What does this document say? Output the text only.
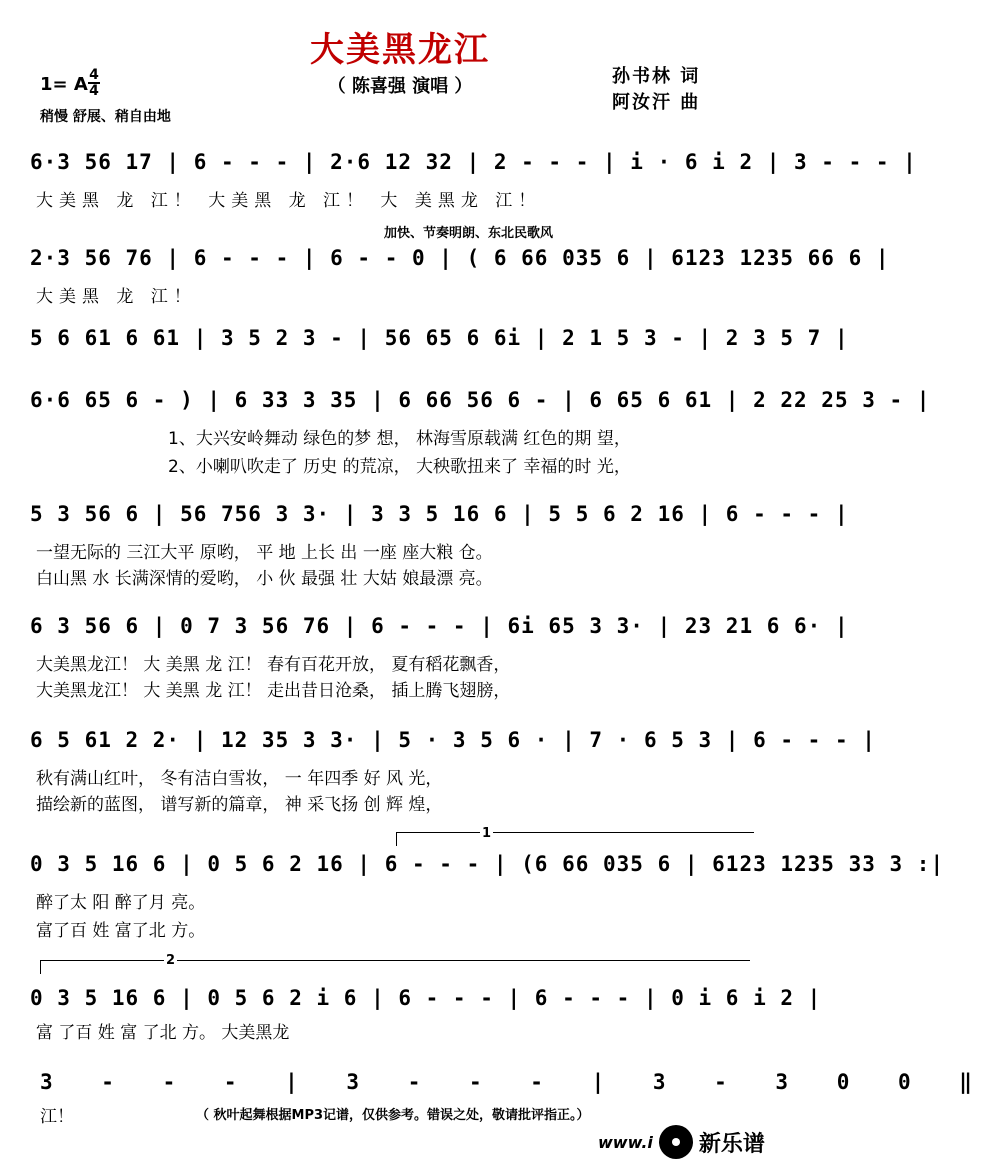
大美黑龙江
（ 陈喜强 演唱 ）	孙书林 词
阿汝汗 曲
1= A 4
4
稍慢 舒展、稍自由地
6·3 56 17 | 6 - - - | 2·6 12 32 | 2 - - - | i · 6 i 2 | 3 - - - |
大美黑 龙 江！ 大美黑 龙 江！ 大 美黑龙 江！
加快、节奏明朗、东北民歌风
2·3 56 76 | 6 - - - | 6 - - 0 | ( 6 66 035 6 | 6123 1235 66 6 |
大美黑 龙 江！
5 6 61 6 61 | 3 5 2 3 - | 56 65 6 6i | 2 1 5 3 - | 2 3 5 7 |
6·6 65 6 - ) | 6 33 3 35 | 6 66 56 6 - | 6 65 6 61 | 2 22 25 3 - |
1、大兴安岭舞动 绿色的梦 想， 林海雪原载满 红色的期 望，
2、小喇叭吹走了 历史 的荒凉， 大秧歌扭来了 幸福的时 光，
5 3 56 6 | 56 756 3 3· | 3 3 5 16 6 | 5 5 6 2 16 | 6 - - - |
一望无际的 三江大平 原哟， 平 地 上长 出 一座 座大粮 仓。
白山黑 水 长满深情的爱哟， 小 伙 最强 壮 大姑 娘最漂 亮。
6 3 56 6 | 0 7 3 56 76 | 6 - - - | 6i 65 3 3· | 23 21 6 6· |
大美黑龙江！ 大 美黑 龙 江！ 春有百花开放， 夏有稻花飘香，
大美黑龙江！ 大 美黑 龙 江！ 走出昔日沧桑， 插上腾飞翅膀，
6 5 61 2 2· | 12 35 3 3· | 5 · 3 5 6 · | 7 · 6 5 3 | 6 - - - |
秋有满山红叶， 冬有洁白雪妆， 一 年四季 好 风 光，
描绘新的蓝图， 谱写新的篇章， 神 采飞扬 创 辉 煌，
1
0 3 5 16 6 | 0 5 6 2 16 | 6 - - - | (6 66 035 6 | 6123 1235 33 3 :|
醉了太 阳 醉了月 亮。
富了百 姓 富了北 方。
2
0 3 5 16 6 | 0 5 6 2 i 6 | 6 - - - | 6 - - - | 0 i 6 i 2 |
富 了百 姓 富 了北 方。 大美黑龙
3 - - - | 3 - - - | 3 - 3 0 0 ‖
江！	（ 秋叶起舞根据MP3记谱，仅供参考。错误之处，敬请批评指正。）
www.i 新乐谱
